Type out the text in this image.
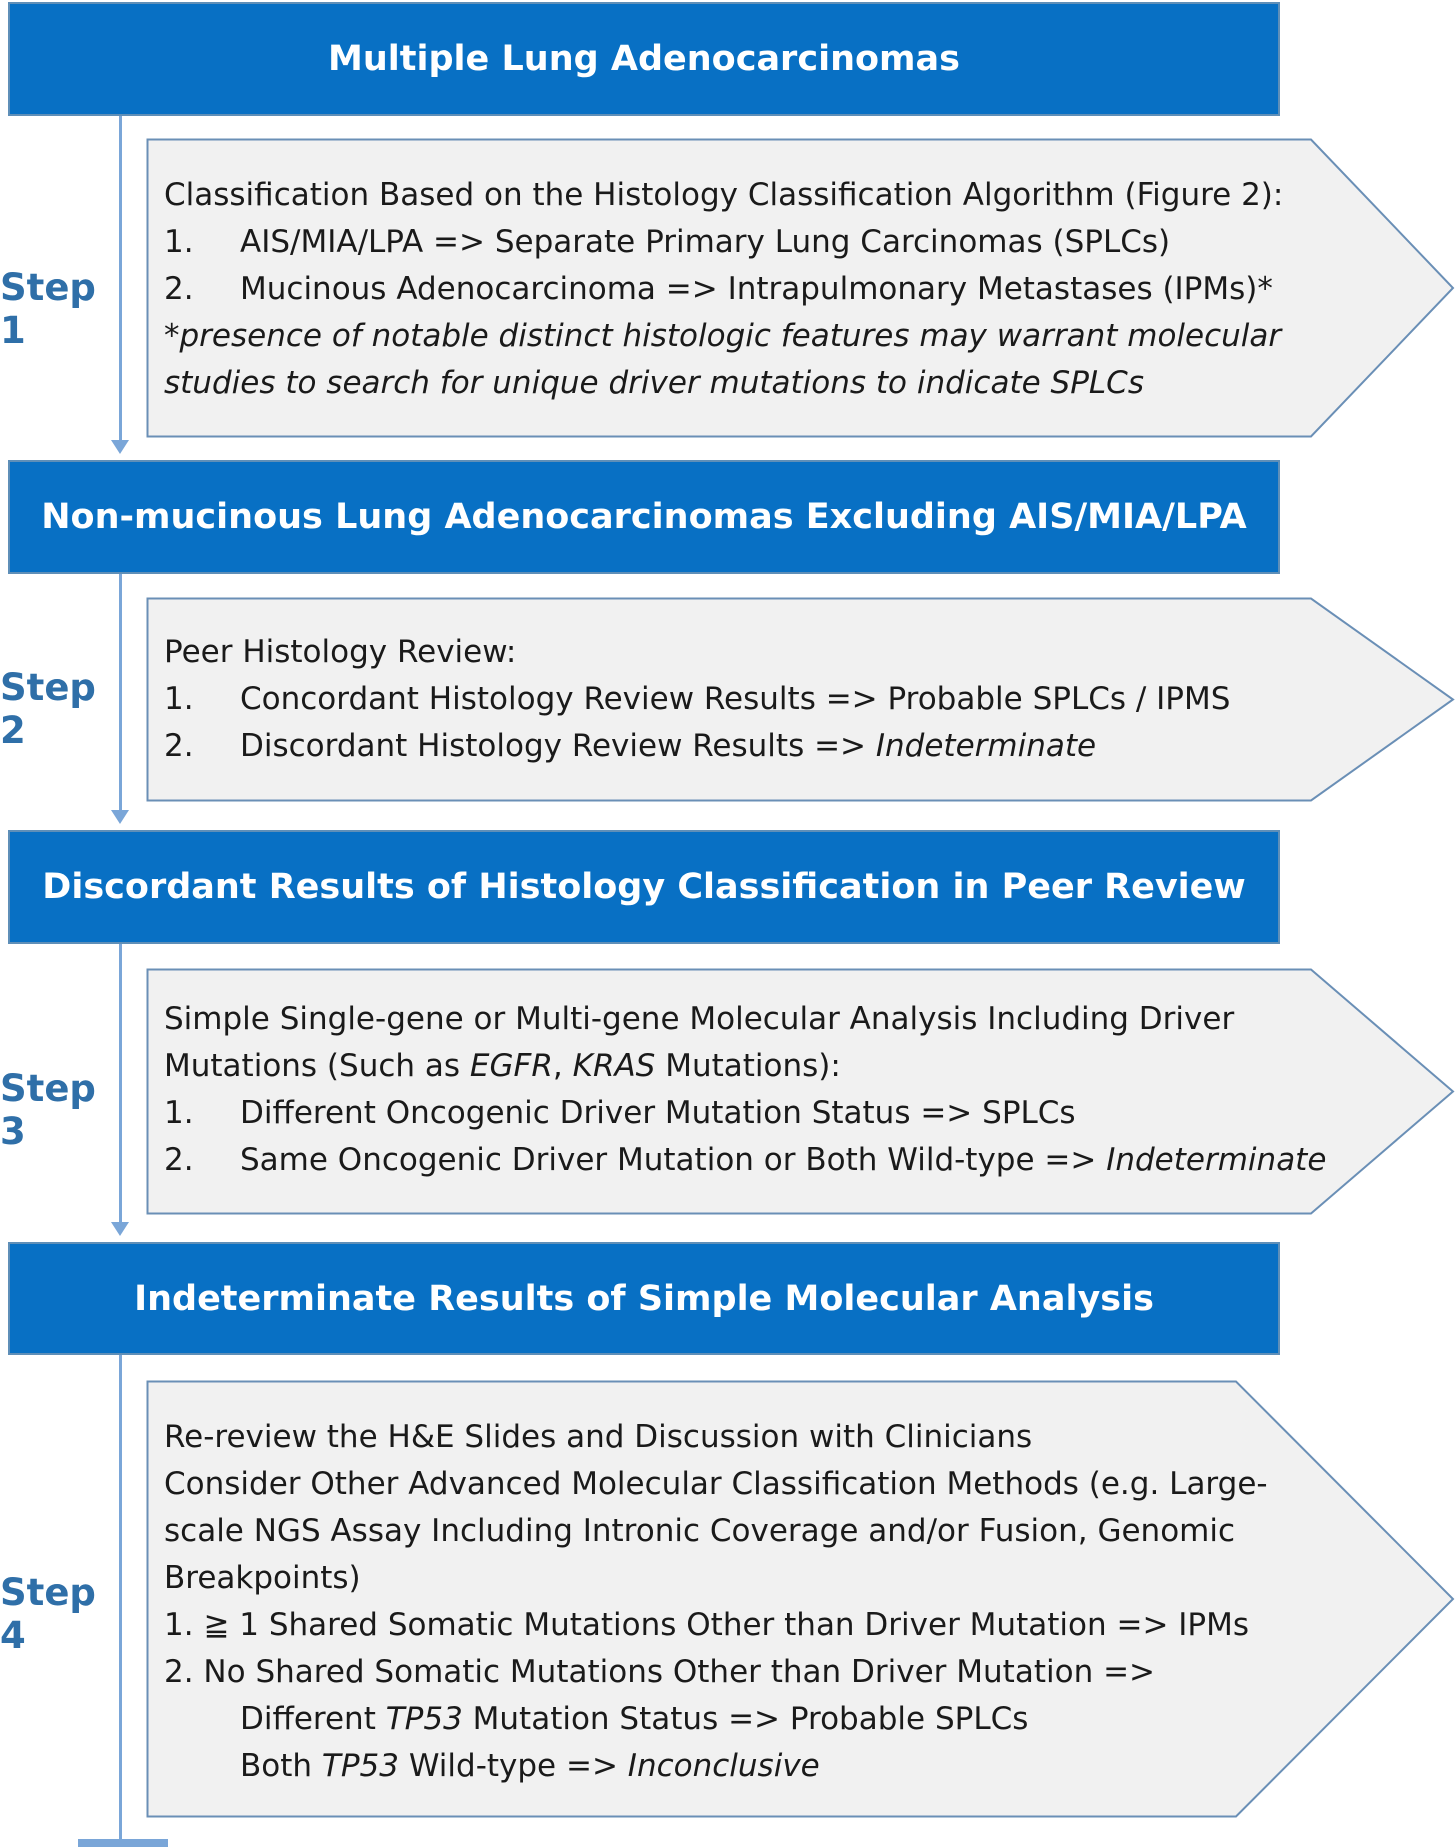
Multiple Lung Adenocarcinomas
Non-mucinous Lung Adenocarcinomas Excluding AIS/MIA/LPA
Discordant Results of Histology Classification in Peer Review
Indeterminate Results of Simple Molecular Analysis
Step 1
Step 2
Step 3
Step 4
Classification Based on the Histology Classification Algorithm (Figure 2):
1. AIS/MIA/LPA => Separate Primary Lung Carcinomas (SPLCs)
2. Mucinous Adenocarcinoma => Intrapulmonary Metastases (IPMs)*
*presence of notable distinct histologic features may warrant molecular
studies to search for unique driver mutations to indicate SPLCs
Peer Histology Review:
1. Concordant Histology Review Results => Probable SPLCs / IPMS
2. Discordant Histology Review Results => Indeterminate
Simple Single-gene or Multi-gene Molecular Analysis Including Driver
Mutations (Such as EGFR, KRAS Mutations):
1. Different Oncogenic Driver Mutation Status => SPLCs
2. Same Oncogenic Driver Mutation or Both Wild-type => Indeterminate
Re-review the H&E Slides and Discussion with Clinicians
Consider Other Advanced Molecular Classification Methods (e.g. Large-
scale NGS Assay Including Intronic Coverage and/or Fusion, Genomic
Breakpoints)
1. ≧ 1 Shared Somatic Mutations Other than Driver Mutation => IPMs
2. No Shared Somatic Mutations Other than Driver Mutation =>
Different TP53 Mutation Status => Probable SPLCs
Both TP53 Wild-type => Inconclusive
